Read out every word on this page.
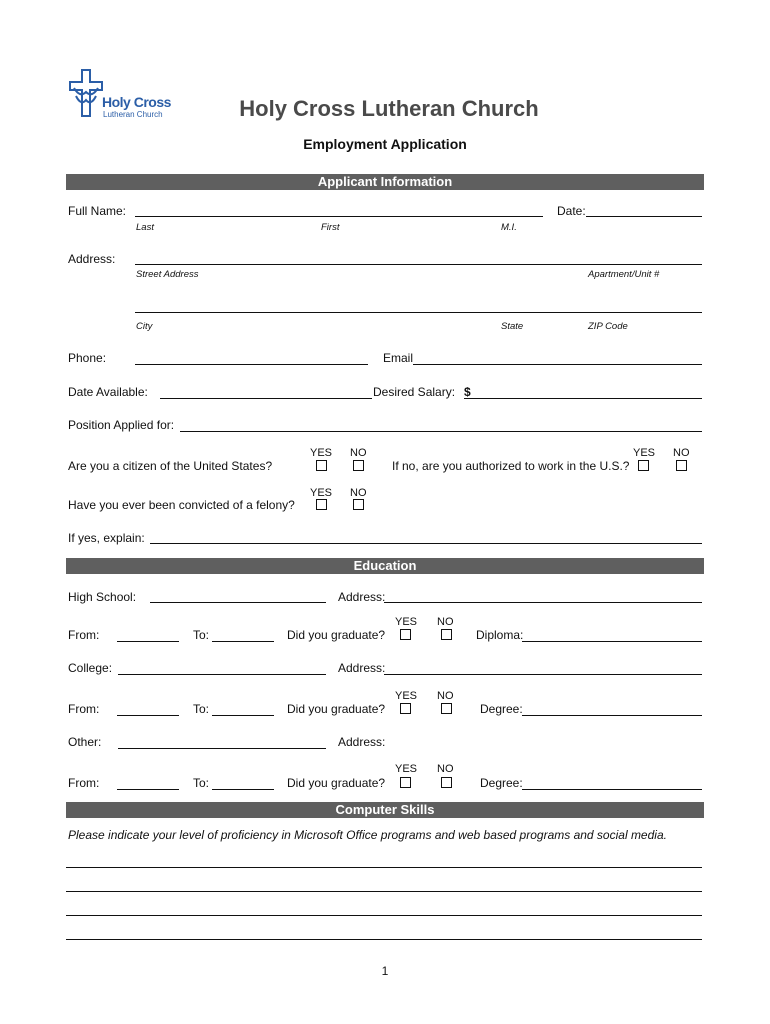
Holy Cross
Lutheran Church	Holy Cross Lutheran Church
Employment Application
Applicant Information
Full Name:	Date:
Last	First	M.I.
Address:
Street Address	Apartment/Unit #
City	State	ZIP Code
Phone:	Email
Date Available:	Desired Salary: $
Position Applied for:
YES NO
Are you a citizen of the United States?
YES NO
If no, are you authorized to work in the U.S.?
YES NO
Have you ever been convicted of a felony?
If yes, explain:
Education
High School:	Address:
YES NO
From:	To:	Did you graduate?	Diploma:
College:	Address:
YES NO
From:	To:	Did you graduate?	Degree:
Other:	Address:
YES NO
From:	To:	Did you graduate?	Degree:
Computer Skills
Please indicate your level of proficiency in Microsoft Office programs and web based programs and social media.
1
